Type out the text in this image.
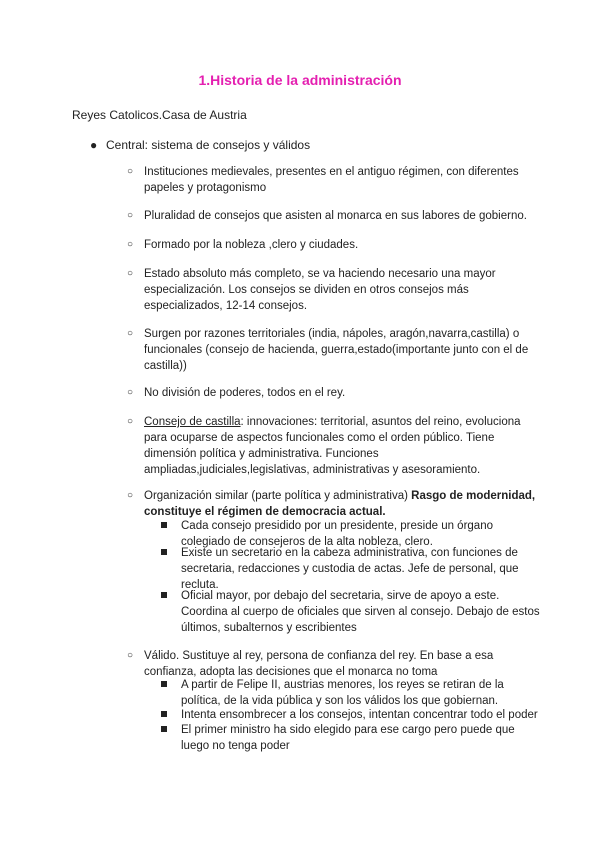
1.Historia de la administración

Reyes Catolicos.Casa de Austria

● Central: sistema de consejos y válidos
○ Instituciones medievales, presentes en el antiguo régimen, con diferentes papeles y protagonismo
○ Pluralidad de consejos que asisten al monarca en sus labores de gobierno.
○ Formado por la nobleza ,clero y ciudades.
○ Estado absoluto más completo, se va haciendo necesario una mayor especialización. Los consejos se dividen en otros consejos más especializados, 12-14 consejos.
○ Surgen por razones territoriales (india, nápoles, aragón,navarra,castilla) o funcionales (consejo de hacienda, guerra,estado(importante junto con el de castilla))
○ No división de poderes, todos en el rey.
○ Consejo de castilla: innovaciones: territorial, asuntos del reino, evoluciona para ocuparse de aspectos funcionales como el orden público. Tiene dimensión política y administrativa. Funciones ampliadas,judiciales,legislativas, administrativas y asesoramiento.
○ Organización similar (parte política y administrativa) Rasgo de modernidad, constituye el régimen de democracia actual.
Cada consejo presidido por un presidente, preside un órgano colegiado de consejeros de la alta nobleza, clero.
Existe un secretario en la cabeza administrativa, con funciones de secretaria, redacciones y custodia de actas. Jefe de personal, que recluta.
Oficial mayor, por debajo del secretaria, sirve de apoyo a este. Coordina al cuerpo de oficiales que sirven al consejo. Debajo de estos últimos, subalternos y escribientes
○ Válido. Sustituye al rey, persona de confianza del rey. En base a esa confianza, adopta las decisiones que el monarca no toma
A partir de Felipe II, austrias menores, los reyes se retiran de la política, de la vida pública y son los válidos los que gobiernan.
Intenta ensombrecer a los consejos, intentan concentrar todo el poder
El primer ministro ha sido elegido para ese cargo pero puede que luego no tenga poder
